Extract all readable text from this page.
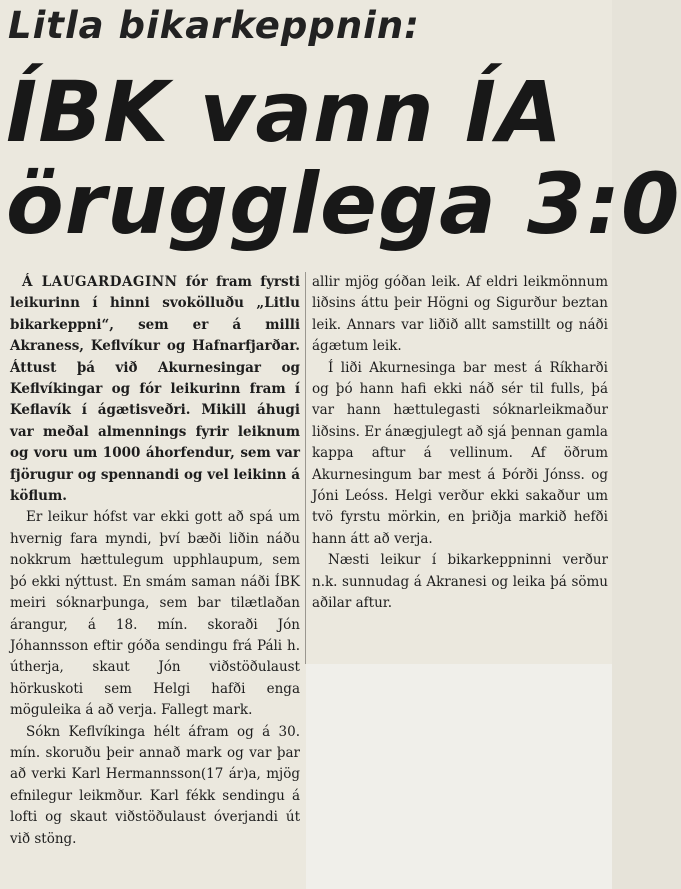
Litla bikarkeppnin:
ÍBK vann ÍA
örugglega 3:0

Á LAUGARDAGINN fór fram fyrsti leikurinn í hinni svokölluðu „Litlu bikarkeppni“, sem er á milli Akraness, Keflvíkur og Hafnarfjarðar. Áttust þá við Akurnesingar og Keflvíkingar og fór leikurinn fram í Keflavík í ágætisveðri. Mikill áhugi var meðal almennings fyrir leiknum og voru um 1000 áhorfendur, sem var fjörugur og spennandi og vel leikinn á köflum.

Er leikur hófst var ekki gott að spá um hvernig fara myndi, því bæði liðin náðu nokkrum hættulegum upphlaupum, sem þó ekki nýttust. En smám saman náði ÍBK meiri sóknarþunga, sem bar tilætlaðan árangur, á 18. mín. skoraði Jón Jóhannsson eftir góða sendingu frá Páli h. útherja, skaut Jón viðstöðulaust hörkuskoti sem Helgi hafði enga möguleika á að verja. Fallegt mark.

Sókn Keflvíkinga hélt áfram og á 30. mín. skoruðu þeir annað mark og var þar að verki Karl Hermannsson(17 ár)a, mjög efnilegur leikmður. Karl fékk sendingu á lofti og skaut viðstöðulaust óverjandi út við stöng.

allir mjög góðan leik. Af eldri leikmönnum liðsins áttu þeir Högni og Sigurður beztan leik. Annars var liðið allt samstillt og náði ágætum leik.

Í liði Akurnesinga bar mest á Ríkharði og þó hann hafi ekki náð sér til fulls, þá var hann hættulegasti sóknarleikmaður liðsins. Er ánægjulegt að sjá þennan gamla kappa aftur á vellinum. Af öðrum Akurnesingum bar mest á Þórði Jónss. og Jóni Leóss. Helgi verður ekki sakaður um tvö fyrstu mörkin, en þriðja markið hefði hann átt að verja.

Næsti leikur í bikarkeppninni verður n.k. sunnudag á Akranesi og leika þá sömu aðilar aftur.
